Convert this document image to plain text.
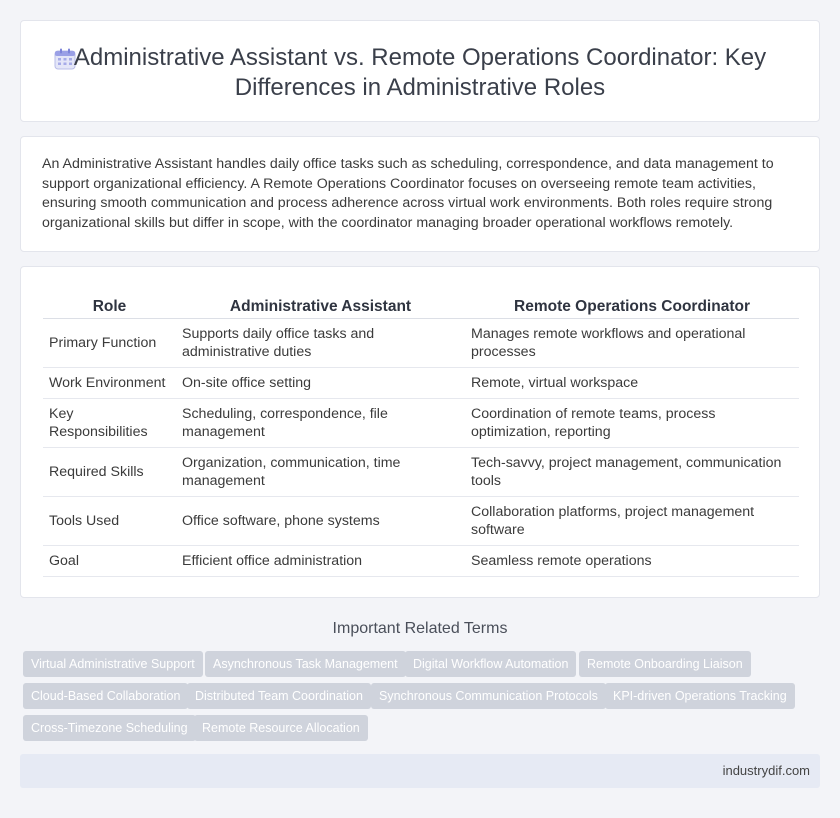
Administrative Assistant vs. Remote Operations Coordinator: Key Differences in Administrative Roles

An Administrative Assistant handles daily office tasks such as scheduling, correspondence, and data management to support organizational efficiency. A Remote Operations Coordinator focuses on overseeing remote team activities, ensuring smooth communication and process adherence across virtual work environments. Both roles require strong organizational skills but differ in scope, with the coordinator managing broader operational workflows remotely.

Role	Administrative Assistant	Remote Operations Coordinator
Primary Function	Supports daily office tasks and administrative duties	Manages remote workflows and operational processes
Work Environment	On-site office setting	Remote, virtual workspace
Key Responsibilities	Scheduling, correspondence, file management	Coordination of remote teams, process optimization, reporting
Required Skills	Organization, communication, time management	Tech-savvy, project management, communication tools
Tools Used	Office software, phone systems	Collaboration platforms, project management software
Goal	Efficient office administration	Seamless remote operations
Important Related Terms
Virtual Administrative Support	Asynchronous Task Management	Digital Workflow Automation	Remote Onboarding Liaison
Cloud-Based Collaboration	Distributed Team Coordination	Synchronous Communication Protocols	KPI-driven Operations Tracking
Cross-Timezone Scheduling	Remote Resource Allocation
industrydif.com
